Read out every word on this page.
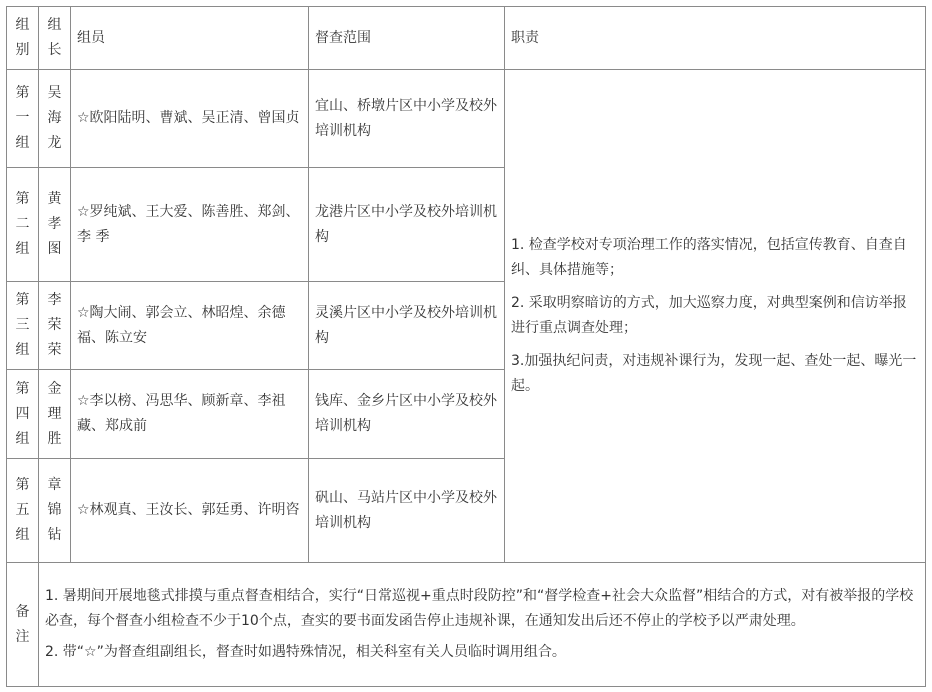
组别	组长	组员	督查范围	职责
第一组	吴海龙	☆欧阳陆明、曹斌、吴正清、曾国贞	宜山、桥墩片区中小学及校外培训机构	1. 检查学校对专项治理工作的落实情况，包括宣传教育、自查自纠、具体措施等；

2. 采取明察暗访的方式，加大巡察力度，对典型案例和信访举报进行重点调查处理；

3.加强执纪问责，对违规补课行为，发现一起、查处一起、曝光一起。

第二组	黄孝图	☆罗纯斌、王大爱、陈善胜、郑剑、李 季	龙港片区中小学及校外培训机构	
第三组	李荣荣	☆陶大闹、郭会立、林昭煌、余德福、陈立安	灵溪片区中小学及校外培训机构	
第四组	金理胜	☆李以榜、冯思华、顾新章、李祖藏、郑成前	钱库、金乡片区中小学及校外培训机构	
第五组	章锦钻	☆林观真、王汝长、郭廷勇、许明咨	矾山、马站片区中小学及校外培训机构	
备注	1. 暑期间开展地毯式排摸与重点督查相结合，实行“日常巡视+重点时段防控”和“督学检查+社会大众监督”相结合的方式，对有被举报的学校必查，每个督查小组检查不少于10个点，查实的要书面发函告停止违规补课，在通知发出后还不停止的学校予以严肃处理。

2. 带“☆”为督查组副组长，督查时如遇特殊情况，相关科室有关人员临时调用组合。			
